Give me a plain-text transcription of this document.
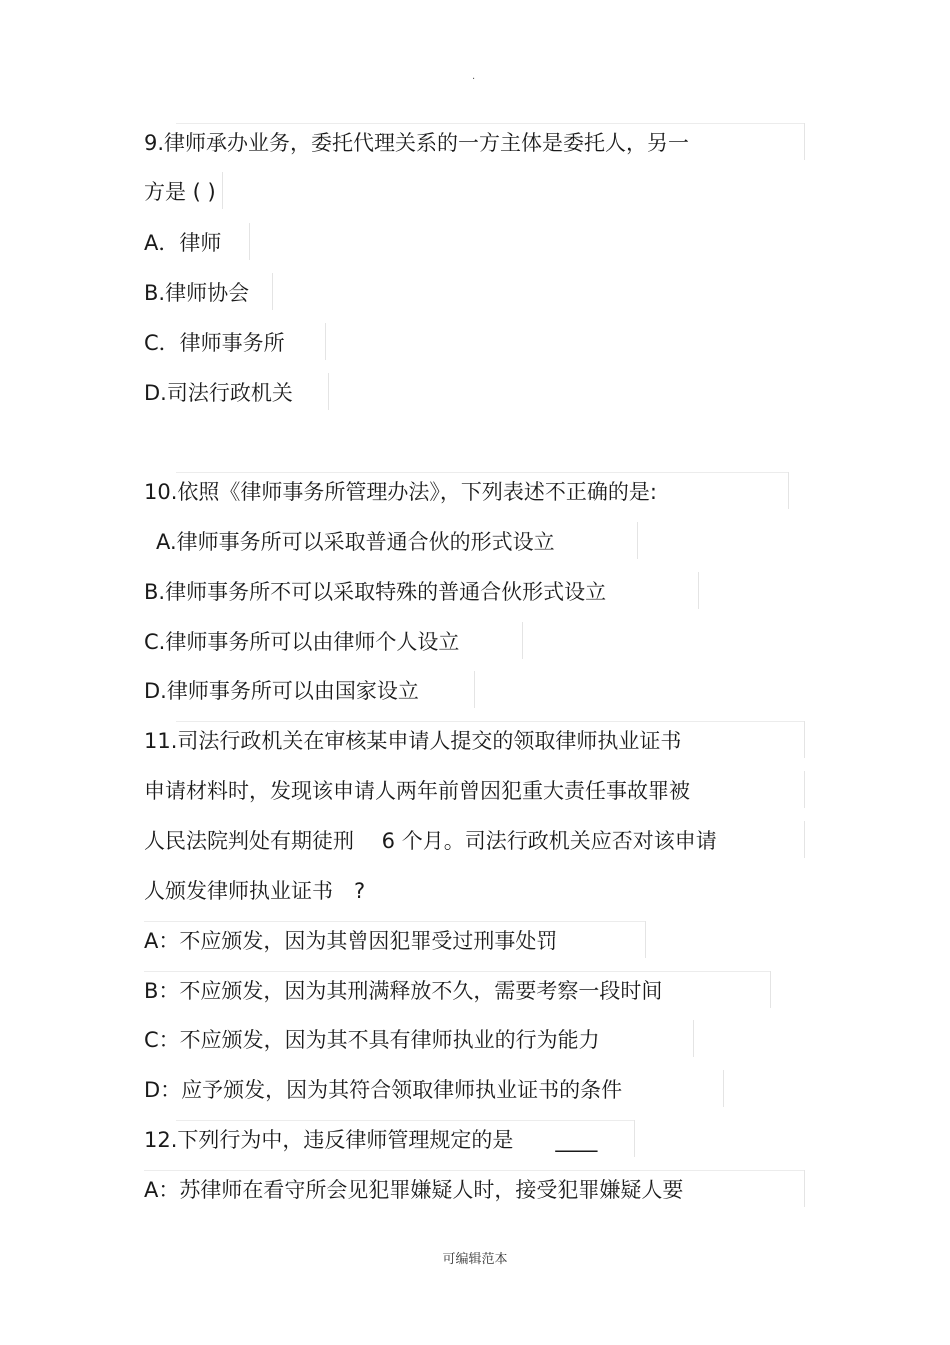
·
9.律师承办业务，委托代理关系的一方主体是委托人，另一
方是 ( )
A．律师
B.律师协会
C．律师事务所
D.司法行政机关
10.依照《律师事务所管理办法》，下列表述不正确的是:
A.律师事务所可以采取普通合伙的形式设立
B.律师事务所不可以采取特殊的普通合伙形式设立
C.律师事务所可以由律师个人设立
D.律师事务所可以由国家设立
11.司法行政机关在审核某申请人提交的领取律师执业证书
申请材料时，发现该申请人两年前曾因犯重大责任事故罪被
人民法院判处有期徒刑　 6 个月。司法行政机关应否对该申请
人颁发律师执业证书　?
A：不应颁发，因为其曾因犯罪受过刑事处罚
B：不应颁发，因为其刑满释放不久，需要考察一段时间
C：不应颁发，因为其不具有律师执业的行为能力
D：应予颁发，因为其符合领取律师执业证书的条件
12.下列行为中，违反律师管理规定的是　　____
A：苏律师在看守所会见犯罪嫌疑人时，接受犯罪嫌疑人要
可编辑范本
